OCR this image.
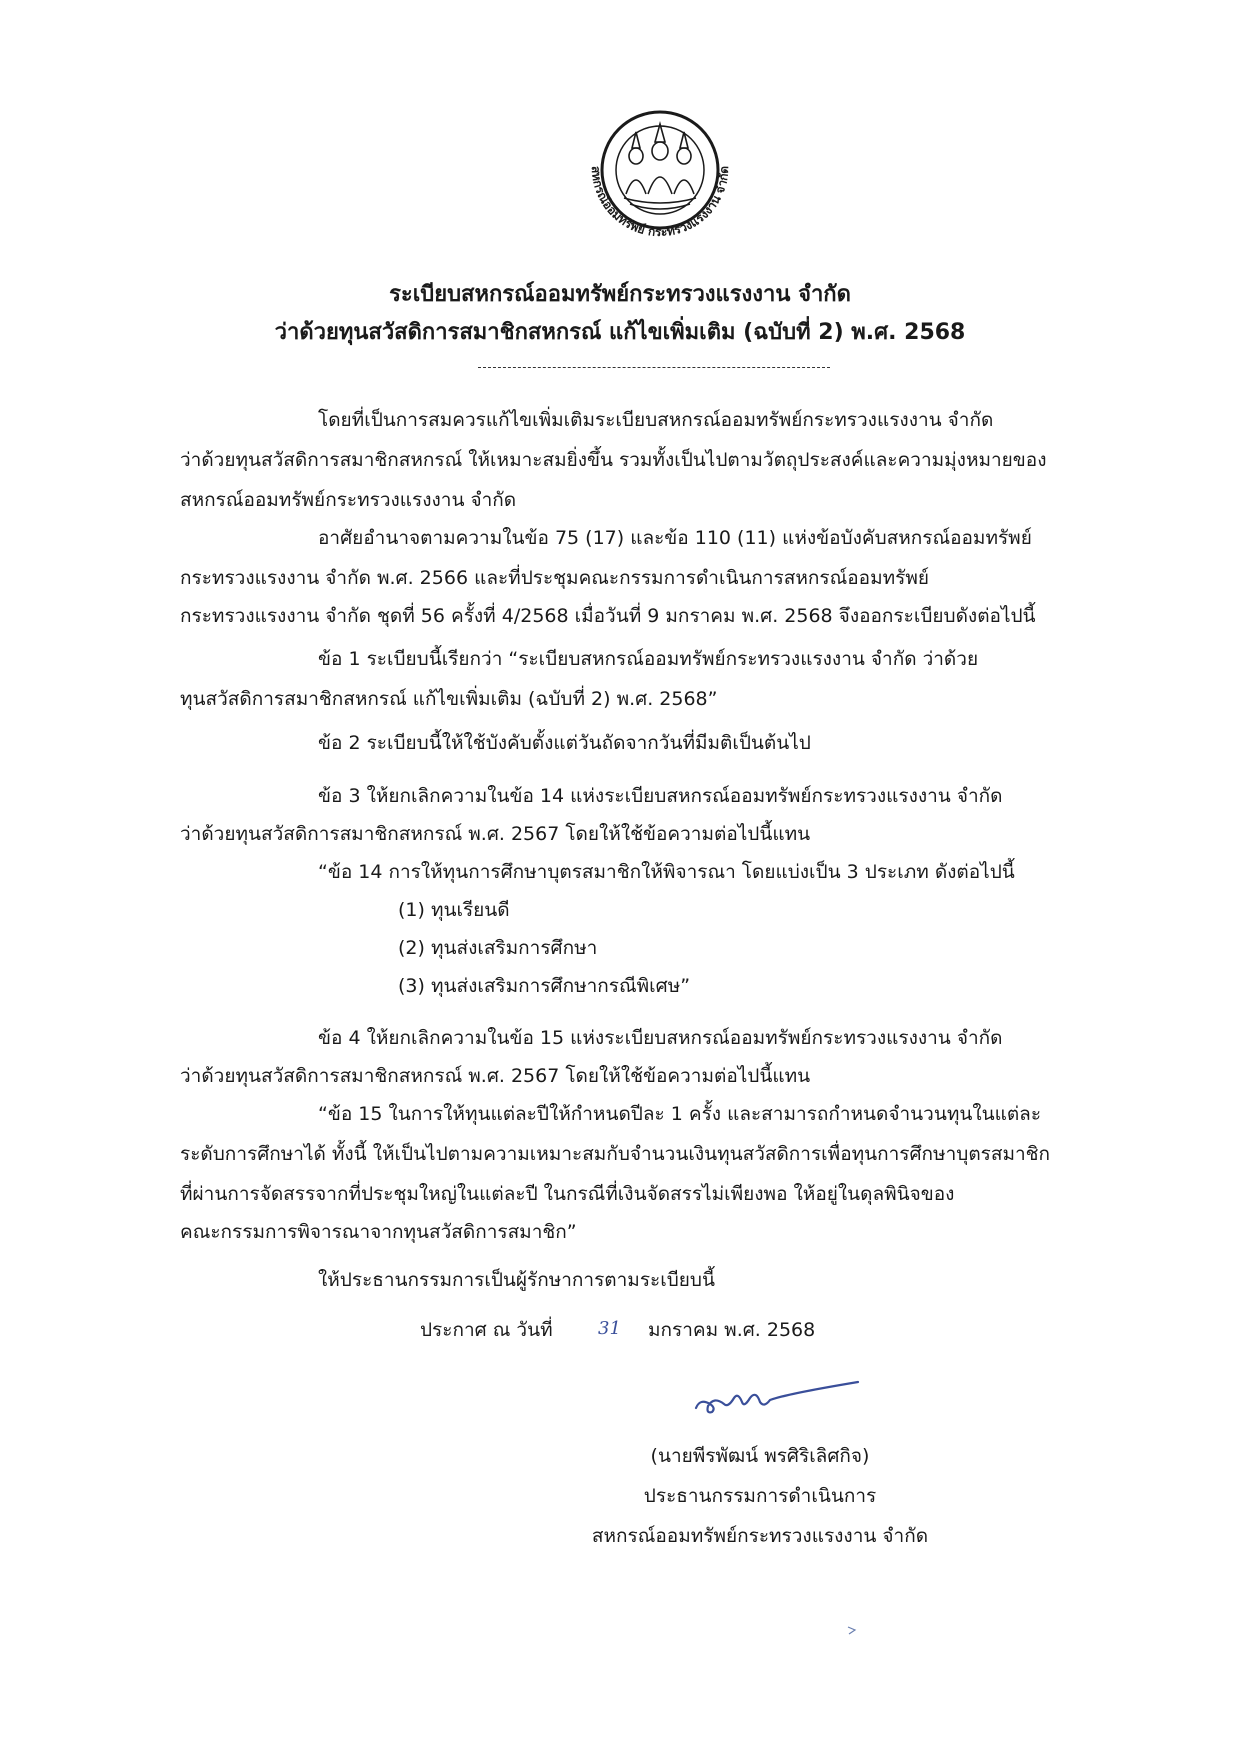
สหกรณ์ออมทรัพย์ กระทรวงแรงงาน จำกัด
ระเบียบสหกรณ์ออมทรัพย์กระทรวงแรงงาน จำกัด
ว่าด้วยทุนสวัสดิการสมาชิกสหกรณ์ แก้ไขเพิ่มเติม (ฉบับที่ 2) พ.ศ. 2568
โดยที่เป็นการสมควรแก้ไขเพิ่มเติมระเบียบสหกรณ์ออมทรัพย์กระทรวงแรงงาน จำกัด
ว่าด้วยทุนสวัสดิการสมาชิกสหกรณ์ ให้เหมาะสมยิ่งขึ้น รวมทั้งเป็นไปตามวัตถุประสงค์และความมุ่งหมายของ
สหกรณ์ออมทรัพย์กระทรวงแรงงาน จำกัด
อาศัยอำนาจตามความในข้อ 75 (17) และข้อ 110 (11) แห่งข้อบังคับสหกรณ์ออมทรัพย์
กระทรวงแรงงาน จำกัด พ.ศ. 2566 และที่ประชุมคณะกรรมการดำเนินการสหกรณ์ออมทรัพย์
กระทรวงแรงงาน จำกัด ชุดที่ 56 ครั้งที่ 4/2568 เมื่อวันที่ 9 มกราคม พ.ศ. 2568 จึงออกระเบียบดังต่อไปนี้
ข้อ 1 ระเบียบนี้เรียกว่า “ระเบียบสหกรณ์ออมทรัพย์กระทรวงแรงงาน จำกัด ว่าด้วย
ทุนสวัสดิการสมาชิกสหกรณ์ แก้ไขเพิ่มเติม (ฉบับที่ 2) พ.ศ. 2568”
ข้อ 2 ระเบียบนี้ให้ใช้บังคับตั้งแต่วันถัดจากวันที่มีมติเป็นต้นไป
ข้อ 3 ให้ยกเลิกความในข้อ 14 แห่งระเบียบสหกรณ์ออมทรัพย์กระทรวงแรงงาน จำกัด
ว่าด้วยทุนสวัสดิการสมาชิกสหกรณ์ พ.ศ. 2567 โดยให้ใช้ข้อความต่อไปนี้แทน
“ข้อ 14 การให้ทุนการศึกษาบุตรสมาชิกให้พิจารณา โดยแบ่งเป็น 3 ประเภท ดังต่อไปนี้
(1) ทุนเรียนดี
(2) ทุนส่งเสริมการศึกษา
(3) ทุนส่งเสริมการศึกษากรณีพิเศษ”
ข้อ 4 ให้ยกเลิกความในข้อ 15 แห่งระเบียบสหกรณ์ออมทรัพย์กระทรวงแรงงาน จำกัด
ว่าด้วยทุนสวัสดิการสมาชิกสหกรณ์ พ.ศ. 2567 โดยให้ใช้ข้อความต่อไปนี้แทน
“ข้อ 15 ในการให้ทุนแต่ละปีให้กำหนดปีละ 1 ครั้ง และสามารถกำหนดจำนวนทุนในแต่ละ
ระดับการศึกษาได้ ทั้งนี้ ให้เป็นไปตามความเหมาะสมกับจำนวนเงินทุนสวัสดิการเพื่อทุนการศึกษาบุตรสมาชิก
ที่ผ่านการจัดสรรจากที่ประชุมใหญ่ในแต่ละปี ในกรณีที่เงินจัดสรรไม่เพียงพอ ให้อยู่ในดุลพินิจของ
คณะกรรมการพิจารณาจากทุนสวัสดิการสมาชิก”
ให้ประธานกรรมการเป็นผู้รักษาการตามระเบียบนี้
ประกาศ ณ วันที่	31 มกราคม พ.ศ. 2568
(นายพีรพัฒน์ พรศิริเลิศกิจ)
ประธานกรรมการดำเนินการ
สหกรณ์ออมทรัพย์กระทรวงแรงงาน จำกัด
